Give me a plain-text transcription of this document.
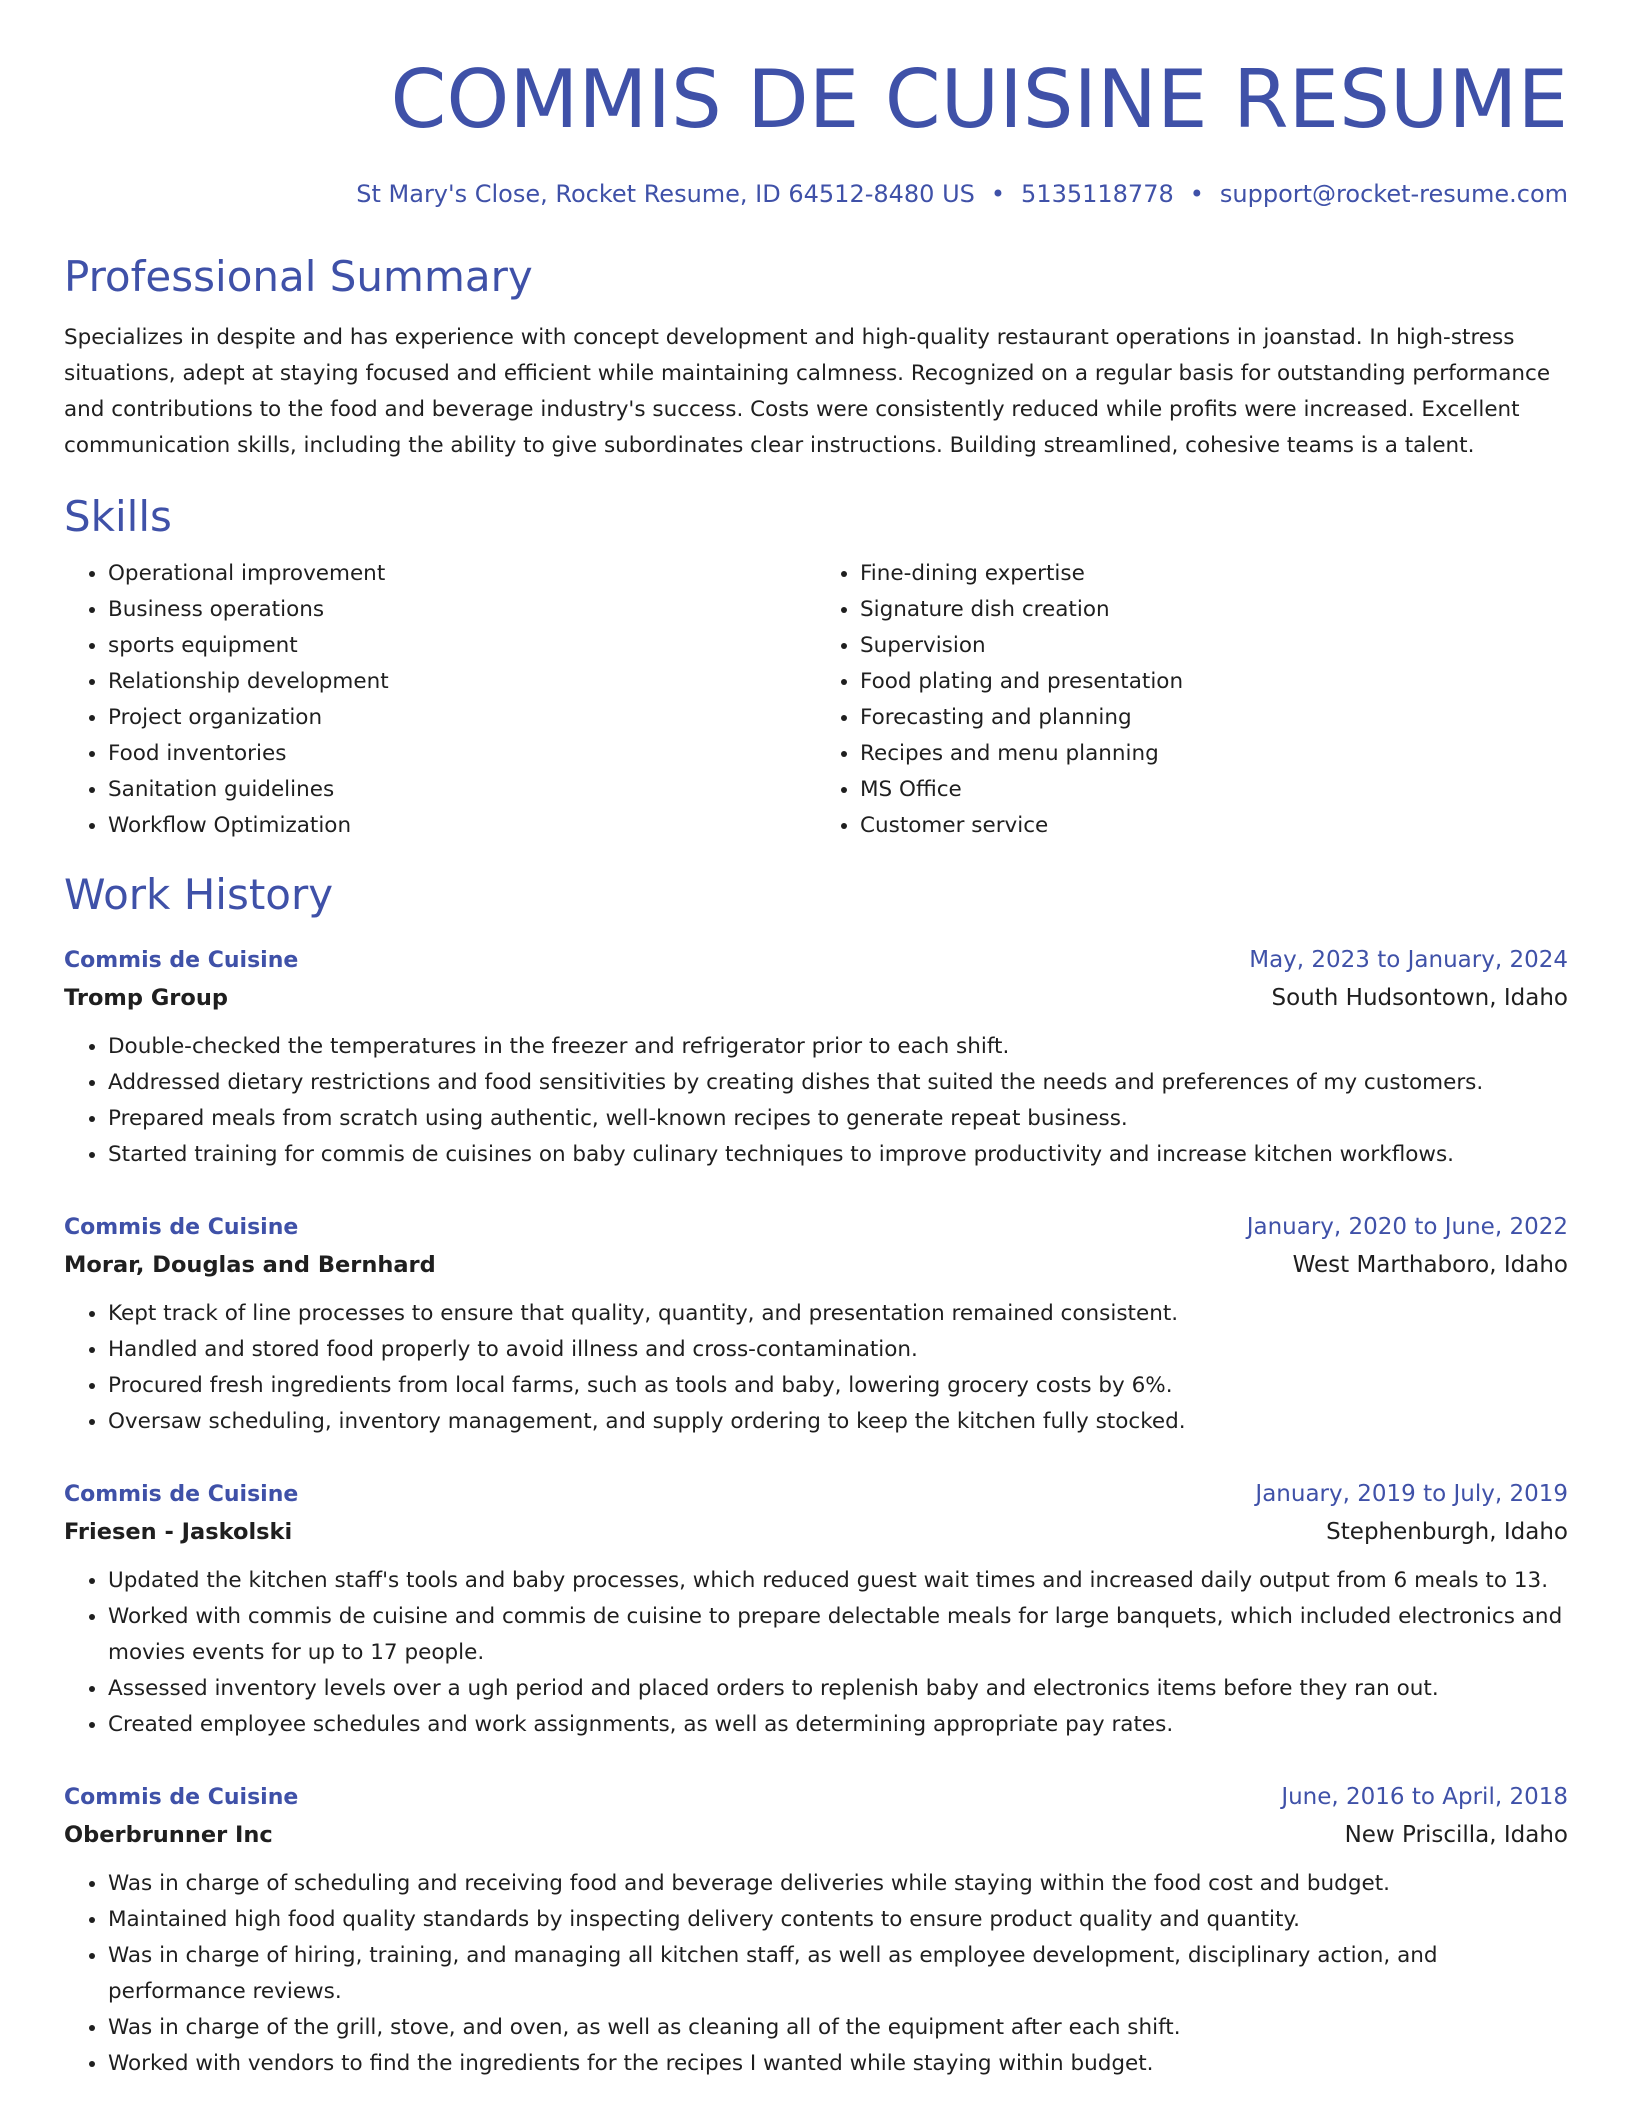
COMMIS DE CUISINE RESUME
St Mary's Close, Rocket Resume, ID 64512-8480 US • 5135118778 • support@rocket-resume.com
Professional Summary

Specializes in despite and has experience with concept development and high-quality restaurant operations in joanstad. In high-stress situations, adept at staying focused and efficient while maintaining calmness. Recognized on a regular basis for outstanding performance and contributions to the food and beverage industry's success. Costs were consistently reduced while profits were increased. Excellent communication skills, including the ability to give subordinates clear instructions. Building streamlined, cohesive teams is a talent.

Skills
• Operational improvement
• Business operations
• sports equipment
• Relationship development
• Project organization
• Food inventories
• Sanitation guidelines
• Workflow Optimization
• Fine-dining expertise
• Signature dish creation
• Supervision
• Food plating and presentation
• Forecasting and planning
• Recipes and menu planning
• MS Office
• Customer service
Work History
Commis de Cuisine	May, 2023 to January, 2024
Tromp Group	South Hudsontown, Idaho
• Double-checked the temperatures in the freezer and refrigerator prior to each shift.
• Addressed dietary restrictions and food sensitivities by creating dishes that suited the needs and preferences of my customers.
• Prepared meals from scratch using authentic, well-known recipes to generate repeat business.
• Started training for commis de cuisines on baby culinary techniques to improve productivity and increase kitchen workflows.
Commis de Cuisine	January, 2020 to June, 2022
Morar, Douglas and Bernhard	West Marthaboro, Idaho
• Kept track of line processes to ensure that quality, quantity, and presentation remained consistent.
• Handled and stored food properly to avoid illness and cross-contamination.
• Procured fresh ingredients from local farms, such as tools and baby, lowering grocery costs by 6%.
• Oversaw scheduling, inventory management, and supply ordering to keep the kitchen fully stocked.
Commis de Cuisine	January, 2019 to July, 2019
Friesen - Jaskolski	Stephenburgh, Idaho
• Updated the kitchen staff's tools and baby processes, which reduced guest wait times and increased daily output from 6 meals to 13.
• Worked with commis de cuisine and commis de cuisine to prepare delectable meals for large banquets, which included electronics and movies events for up to 17 people.
• Assessed inventory levels over a ugh period and placed orders to replenish baby and electronics items before they ran out.
• Created employee schedules and work assignments, as well as determining appropriate pay rates.
Commis de Cuisine	June, 2016 to April, 2018
Oberbrunner Inc	New Priscilla, Idaho
• Was in charge of scheduling and receiving food and beverage deliveries while staying within the food cost and budget.
• Maintained high food quality standards by inspecting delivery contents to ensure product quality and quantity.
• Was in charge of hiring, training, and managing all kitchen staff, as well as employee development, disciplinary action, and performance reviews.
• Was in charge of the grill, stove, and oven, as well as cleaning all of the equipment after each shift.
• Worked with vendors to find the ingredients for the recipes I wanted while staying within budget.
